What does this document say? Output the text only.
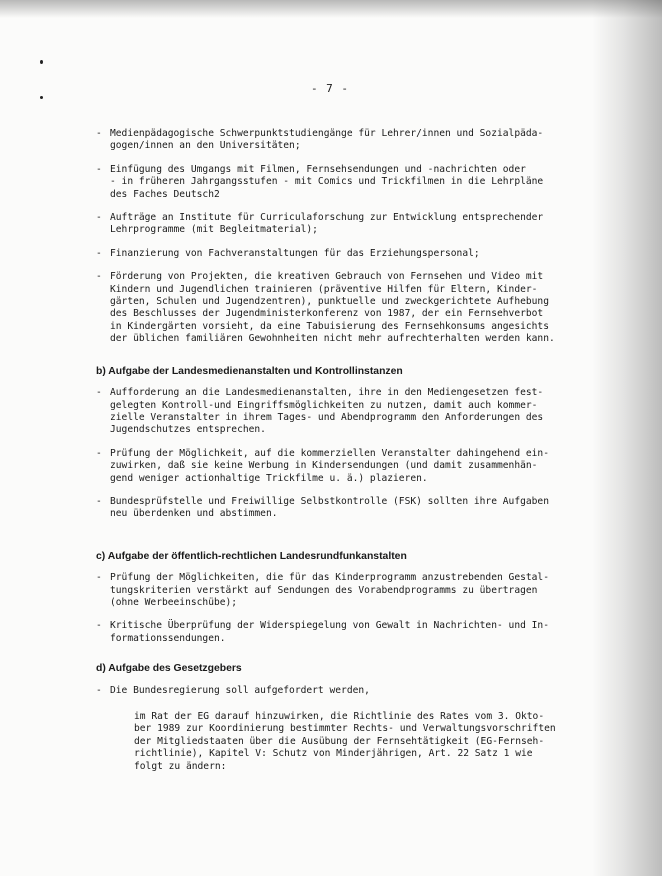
- 7 -
- Medienpädagogische Schwerpunktstudiengänge für Lehrer/innen und Sozialpäda-
gogen/innen an den Universitäten;
- Einfügung des Umgangs mit Filmen, Fernsehsendungen und -nachrichten oder
- in früheren Jahrgangsstufen - mit Comics und Trickfilmen in die Lehrpläne
des Faches Deutsch2
- Aufträge an Institute für Curriculaforschung zur Entwicklung entsprechender
Lehrprogramme (mit Begleitmaterial);
- Finanzierung von Fachveranstaltungen für das Erziehungspersonal;
- Förderung von Projekten, die kreativen Gebrauch von Fernsehen und Video mit
Kindern und Jugendlichen trainieren (präventive Hilfen für Eltern, Kinder-
gärten, Schulen und Jugendzentren), punktuelle und zweckgerichtete Aufhebung
des Beschlusses der Jugendministerkonferenz von 1987, der ein Fernsehverbot
in Kindergärten vorsieht, da eine Tabuisierung des Fernsehkonsums angesichts
der üblichen familiären Gewohnheiten nicht mehr aufrechterhalten werden kann.
b) Aufgabe der Landesmedienanstalten und Kontrollinstanzen
- Aufforderung an die Landesmedienanstalten, ihre in den Mediengesetzen fest-
gelegten Kontroll-und Eingriffsmöglichkeiten zu nutzen, damit auch kommer-
zielle Veranstalter in ihrem Tages- und Abendprogramm den Anforderungen des
Jugendschutzes entsprechen.
- Prüfung der Möglichkeit, auf die kommerziellen Veranstalter dahingehend ein-
zuwirken, daß sie keine Werbung in Kindersendungen (und damit zusammenhän-
gend weniger actionhaltige Trickfilme u. ä.) plazieren.
- Bundesprüfstelle und Freiwillige Selbstkontrolle (FSK) sollten ihre Aufgaben
neu überdenken und abstimmen.
c) Aufgabe der öffentlich-rechtlichen Landesrundfunkanstalten
- Prüfung der Möglichkeiten, die für das Kinderprogramm anzustrebenden Gestal-
tungskriterien verstärkt auf Sendungen des Vorabendprogramms zu übertragen
(ohne Werbeeinschübe);
- Kritische Überprüfung der Widerspiegelung von Gewalt in Nachrichten- und In-
formationssendungen.
d) Aufgabe des Gesetzgebers
- Die Bundesregierung soll aufgefordert werden,
im Rat der EG darauf hinzuwirken, die Richtlinie des Rates vom 3. Okto-
ber 1989 zur Koordinierung bestimmter Rechts- und Verwaltungsvorschriften
der Mitgliedstaaten über die Ausübung der Fernsehtätigkeit (EG-Fernseh-
richtlinie), Kapitel V: Schutz von Minderjährigen, Art. 22 Satz 1 wie
folgt zu ändern:
